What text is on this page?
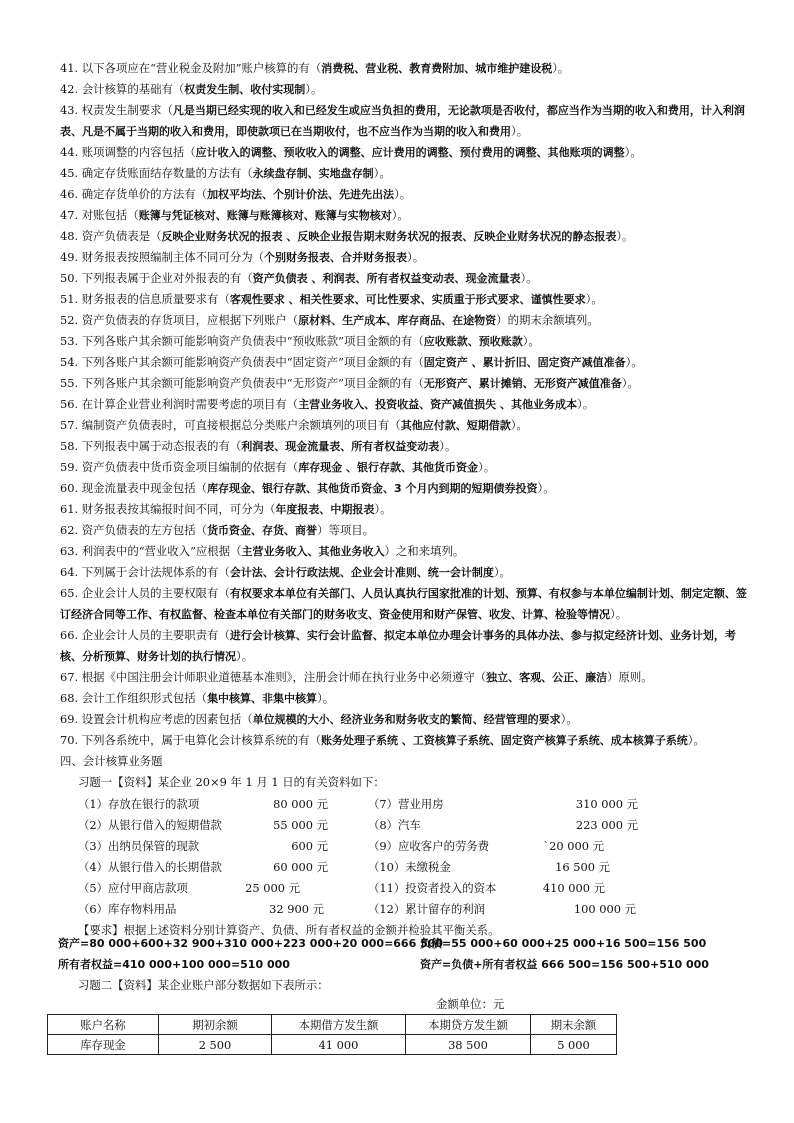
41. 以下各项应在“营业税金及附加”账户核算的有（消费税、营业税、教育费附加、城市维护建设税）。
42. 会计核算的基础有（权责发生制、收付实现制）。
43. 权责发生制要求（凡是当期已经实现的收入和已经发生或应当负担的费用，无论款项是否收付，都应当作为当期的收入和费用，计入利润表、凡是不属于当期的收入和费用，即使款项已在当期收付，也不应当作为当期的收入和费用）。
44. 账项调整的内容包括（应计收入的调整、预收收入的调整、应计费用的调整、预付费用的调整、其他账项的调整）。
45. 确定存货账面结存数量的方法有（永续盘存制、实地盘存制）。
46. 确定存货单价的方法有（加权平均法、个别计价法、先进先出法）。
47. 对账包括（账簿与凭证核对、账簿与账簿核对、账簿与实物核对）。
48. 资产负债表是（反映企业财务状况的报表 、反映企业报告期末财务状况的报表、反映企业财务状况的静态报表）。
49. 财务报表按照编制主体不同可分为（个别财务报表、合并财务报表）。
50. 下列报表属于企业对外报表的有（资产负债表 、利润表、所有者权益变动表、现金流量表）。
51. 财务报表的信息质量要求有（客观性要求 、相关性要求、可比性要求、实质重于形式要求、谨慎性要求）。
52. 资产负债表的存货项目，应根据下列账户（原材料、生产成本、库存商品、在途物资）的期末余额填列。
53. 下列各账户其余额可能影响资产负债表中“预收账款”项目金额的有（应收账款、预收账款）。
54. 下列各账户其余额可能影响资产负债表中“固定资产”项目金额的有（固定资产 、累计折旧、固定资产减值准备）。
55. 下列各账户其余额可能影响资产负债表中“无形资产”项目金额的有（无形资产、累计摊销、无形资产减值准备）。
56. 在计算企业营业利润时需要考虑的项目有（主营业务收入、投资收益、资产减值损失 、其他业务成本）。
57. 编制资产负债表时，可直接根据总分类账户余额填列的项目有（其他应付款、短期借款）。
58. 下列报表中属于动态报表的有（利润表、现金流量表、所有者权益变动表）。
59. 资产负债表中货币资金项目编制的依据有（库存现金 、银行存款、其他货币资金）。
60. 现金流量表中现金包括（库存现金、银行存款、其他货币资金、3 个月内到期的短期债券投资）。
61. 财务报表按其编报时间不同，可分为（年度报表、中期报表）。
62. 资产负债表的左方包括（货币资金、存货、商誉）等项目。
63. 利润表中的“营业收入”应根据（主营业务收入、其他业务收入）之和来填列。
64. 下列属于会计法规体系的有（会计法、会计行政法规、企业会计准则、统一会计制度）。
65. 企业会计人员的主要权限有（有权要求本单位有关部门、人员认真执行国家批准的计划、预算、有权参与本单位编制计划、制定定额、签订经济合同等工作、有权监督、检查本单位有关部门的财务收支、资金使用和财产保管、收发、计算、检验等情况）。
66. 企业会计人员的主要职责有（进行会计核算、实行会计监督、拟定本单位办理会计事务的具体办法、参与拟定经济计划、业务计划，考核、分析预算、财务计划的执行情况）。
67. 根据《中国注册会计师职业道德基本准则》，注册会计师在执行业务中必须遵守（独立、客观、公正、廉洁）原则。
68. 会计工作组织形式包括（集中核算、非集中核算）。
69. 设置会计机构应考虑的因素包括（单位规模的大小、经济业务和财务收支的繁简、经营管理的要求）。
70. 下列各系统中，属于电算化会计核算系统的有（账务处理子系统 、工资核算子系统、固定资产核算子系统、成本核算子系统）。
四、会计核算业务题
习题一【资料】某企业 20×9 年 1 月 1 日的有关资料如下：
（1）存放在银行的款项	80 000 元
（2）从银行借入的短期借款	55 000 元
（3）出纳员保管的现款	600 元
（4）从银行借入的长期借款	60 000 元
（5）应付甲商店款项	25 000 元
（6）库存物料用品	32 900 元
（7）营业用房	310 000 元
（8）汽车	223 000 元
（9）应收客户的劳务费	`20 000 元
（10）未缴税金	16 500 元
（11）投资者投入的资本	410 000 元
（12）累计留存的利润	100 000 元
【要求】根据上述资料分别计算资产、负债、所有者权益的金额并检验其平衡关系。
资产=80 000+600+32 900+310 000+223 000+20 000=666 500
负债=55 000+60 000+25 000+16 500=156 500
所有者权益=410 000+100 000=510 000	资产=负债+所有者权益 666 500=156 500+510 000
习题二【资料】某企业账户部分数据如下表所示：
金额单位：元
账户名称	期初余额	本期借方发生额	本期贷方发生额	期末余额
库存现金	2 500	41 000	38 500	5 000
